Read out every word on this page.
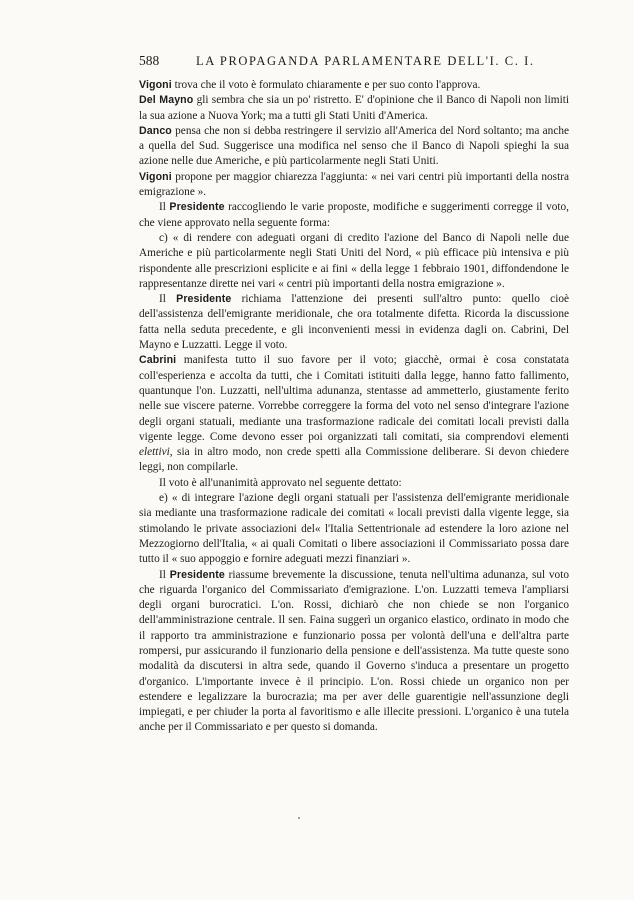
588	LA PROPAGANDA PARLAMENTARE DELL'I. C. I.

Vigoni trova che il voto è formulato chiaramente e per suo conto l'approva.

Del Mayno gli sembra che sia un po' ristretto. E' d'opinione che il Banco di Napoli non limiti la sua azione a Nuova York; ma a tutti gli Stati Uniti d'America.

Danco pensa che non si debba restringere il servizio all'America del Nord soltanto; ma anche a quella del Sud. Suggerisce una modifica nel senso che il Banco di Napoli spieghi la sua azione nelle due Americhe, e più particolarmente negli Stati Uniti.

Vigoni propone per maggior chiarezza l'aggiunta: « nei vari centri più importanti della nostra emigrazione ».

Il Presidente raccogliendo le varie proposte, modifiche e suggerimenti corregge il voto, che viene approvato nella seguente forma:

c) « di rendere con adeguati organi di credito l'azione del Banco di Napoli nelle due Americhe e più particolarmente negli Stati Uniti del Nord, « più efficace più intensiva e più rispondente alle prescrizioni esplicite e ai fini « della legge 1 febbraio 1901, diffondendone le rappresentanze dirette nei vari « centri più importanti della nostra emigrazione ».

Il Presidente richiama l'attenzione dei presenti sull'altro punto: quello cioè dell'assistenza dell'emigrante meridionale, che ora totalmente difetta. Ricorda la discussione fatta nella seduta precedente, e gli inconvenienti messi in evidenza dagli on. Cabrini, Del Mayno e Luzzatti. Legge il voto.

Cabrini manifesta tutto il suo favore per il voto; giacchè, ormai è cosa constatata coll'esperienza e accolta da tutti, che i Comitati istituiti dalla legge, hanno fatto fallimento, quantunque l'on. Luzzatti, nell'ultima adunanza, stentasse ad ammetterlo, giustamente ferito nelle sue viscere paterne. Vorrebbe correggere la forma del voto nel senso d'integrare l'azione degli organi statuali, mediante una trasformazione radicale dei comitati locali previsti dalla vigente legge. Come devono esser poi organizzati tali comitati, sia comprendovi elementi elettivi, sia in altro modo, non crede spetti alla Commissione deliberare. Si devon chiedere leggi, non compilarle.

Il voto è all'unanimità approvato nel seguente dettato:

e) « di integrare l'azione degli organi statuali per l'assistenza dell'emigrante meridionale sia mediante una trasformazione radicale dei comitati « locali previsti dalla vigente legge, sia stimolando le private associazioni del« l'Italia Settentrionale ad estendere la loro azione nel Mezzogiorno dell'Italia, « ai quali Comitati o libere associazioni il Commissariato possa dare tutto il « suo appoggio e fornire adeguati mezzi finanziari ».

Il Presidente riassume brevemente la discussione, tenuta nell'ultima adunanza, sul voto che riguarda l'organico del Commissariato d'emigrazione. L'on. Luzzatti temeva l'ampliarsi degli organi burocratici. L'on. Rossi, dichiarò che non chiede se non l'organico dell'amministrazione centrale. Il sen. Faina suggerì un organico elastico, ordinato in modo che il rapporto tra amministrazione e funzionario possa per volontà dell'una e dell'altra parte rompersi, pur assicurando il funzionario della pensione e dell'assistenza. Ma tutte queste sono modalità da discutersi in altra sede, quando il Governo s'induca a presentare un progetto d'organico. L'importante invece è il principio. L'on. Rossi chiede un organico non per estendere e legalizzare la burocrazia; ma per aver delle guarentigie nell'assunzione degli impiegati, e per chiuder la porta al favoritismo e alle illecite pressioni. L'organico è una tutela anche per il Commissariato e per questo si domanda.
